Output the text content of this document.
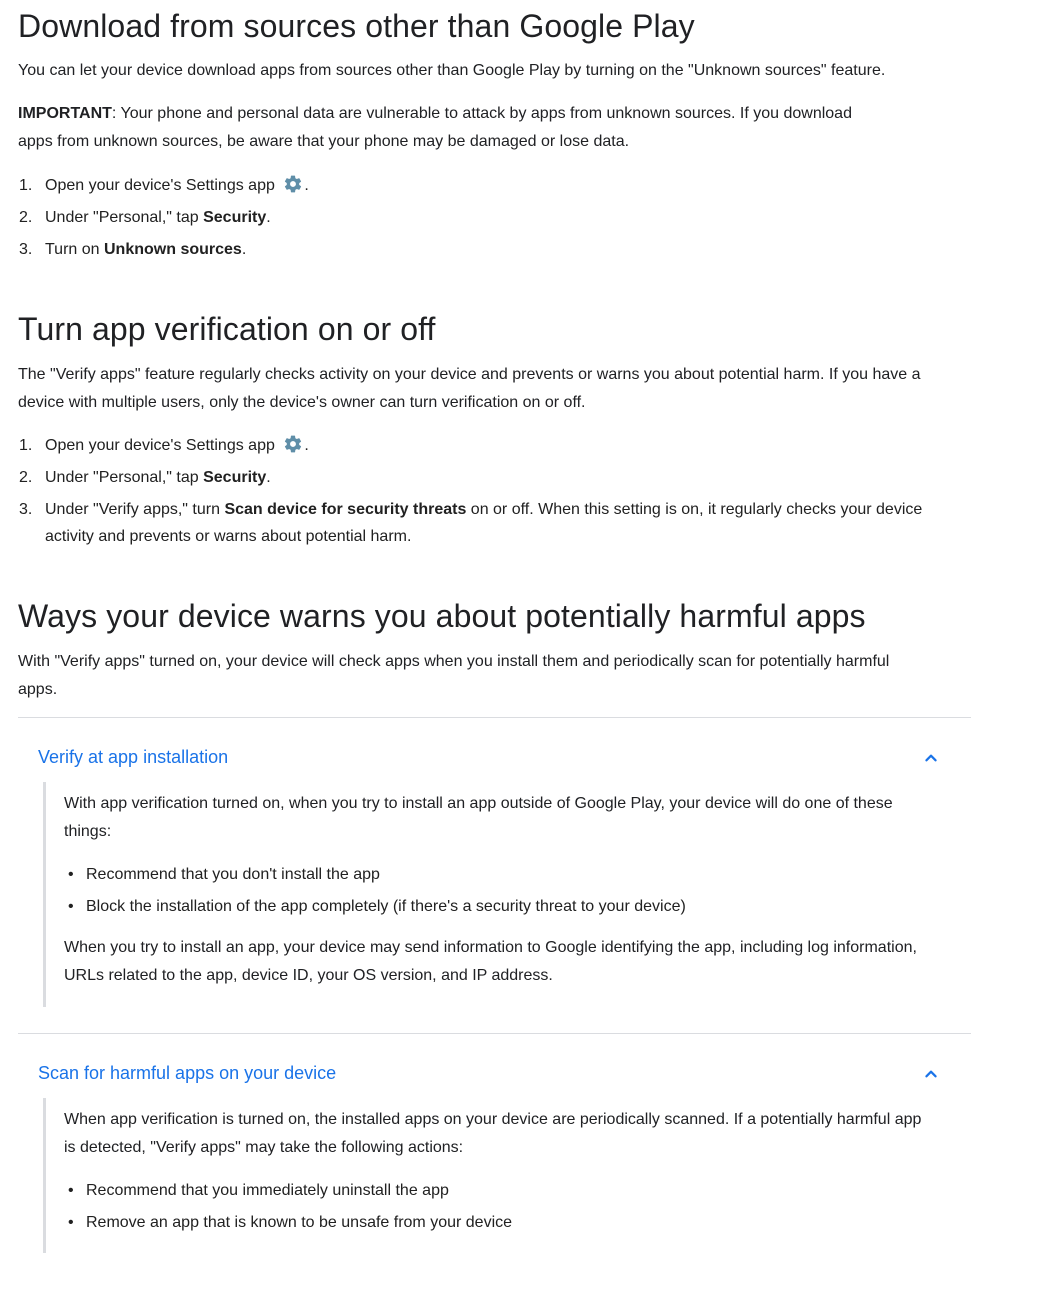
Download from sources other than Google Play

You can let your device download apps from sources other than Google Play by turning on the "Unknown sources" feature.

IMPORTANT: Your phone and personal data are vulnerable to attack by apps from unknown sources. If you download apps from unknown sources, be aware that your phone may be damaged or lose data.

1. Open your device's Settings app .
2. Under "Personal," tap Security.
3. Turn on Unknown sources.
Turn app verification on or off

The "Verify apps" feature regularly checks activity on your device and prevents or warns you about potential harm. If you have a device with multiple users, only the device's owner can turn verification on or off.

1. Open your device's Settings app .
2. Under "Personal," tap Security.
3. Under "Verify apps," turn Scan device for security threats on or off. When this setting is on, it regularly checks your device activity and prevents or warns about potential harm.
Ways your device warns you about potentially harmful apps

With "Verify apps" turned on, your device will check apps when you install them and periodically scan for potentially harmful apps.

Verify at app installation

With app verification turned on, when you try to install an app outside of Google Play, your device will do one of these things:

• Recommend that you don't install the app
• Block the installation of the app completely (if there's a security threat to your device)

When you try to install an app, your device may send information to Google identifying the app, including log information, URLs related to the app, device ID, your OS version, and IP address.

Scan for harmful apps on your device

When app verification is turned on, the installed apps on your device are periodically scanned. If a potentially harmful app is detected, "Verify apps" may take the following actions:

• Recommend that you immediately uninstall the app
• Remove an app that is known to be unsafe from your device
